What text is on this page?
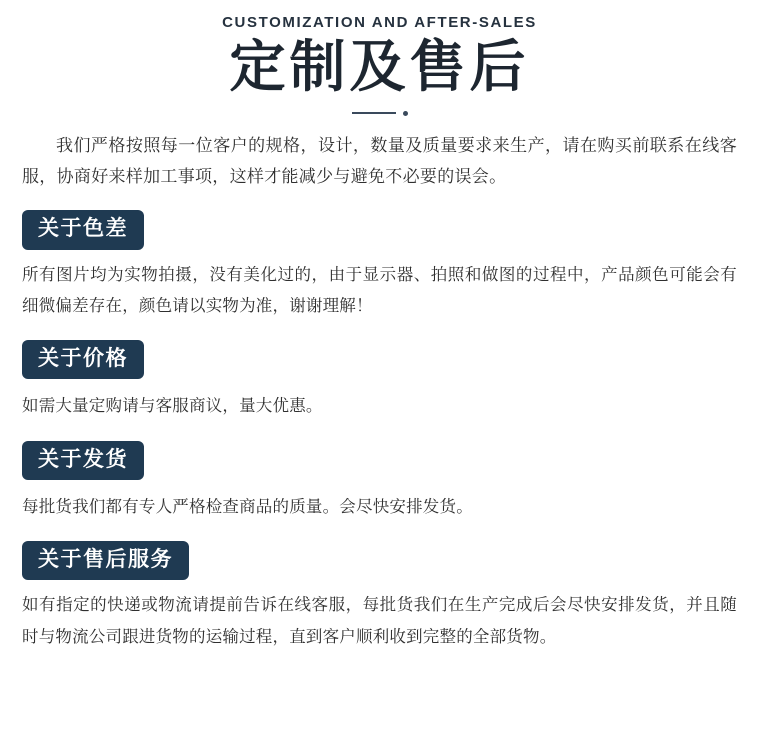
CUSTOMIZATION AND AFTER-SALES
定制及售后
我们严格按照每一位客户的规格，设计，数量及质量要求来生产，请在购买前联系在线客服，协商好来样加工事项，这样才能减少与避免不必要的误会。
关于色差
所有图片均为实物拍摄，没有美化过的，由于显示器、拍照和做图的过程中，产品颜色可能会有细微偏差存在，颜色请以实物为准，谢谢理解！
关于价格
如需大量定购请与客服商议，量大优惠。
关于发货
每批货我们都有专人严格检查商品的质量。会尽快安排发货。
关于售后服务
如有指定的快递或物流请提前告诉在线客服，每批货我们在生产完成后会尽快安排发货，并且随时与物流公司跟进货物的运输过程，直到客户顺利收到完整的全部货物。
